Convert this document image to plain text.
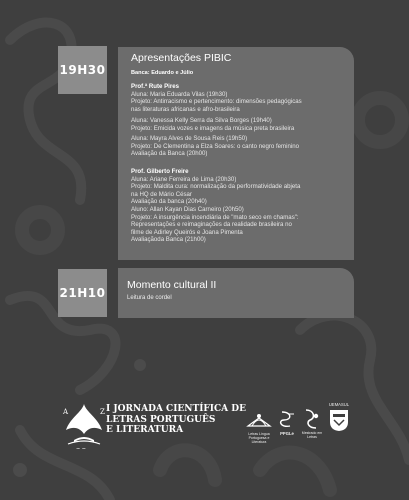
19H30
Apresentações PIBIC
Banca: Eduardo e Júlio
Prof.ª Rute Pires
Aluna: Maria Eduarda Vilas (19h30)
Projeto: Antirracismo e pertencimento: dimensões pedagógicas
nas literaturas africanas e afro-brasileira
Aluna: Vanessa Kelly Serra da Silva Borges (19h40)
Projeto: Emicida vozes e imagens da música preta brasileira
Aluna: Mayra Alves de Sousa Reis (19h50)
Projeto: De Clementina a Elza Soares: o canto negro feminino
Avaliação da Banca (20h00)
Prof. Gilberto Freire
Aluna: Ariane Ferreira de Lima (20h30)
Projeto: Maldita cura: normalização da performatividade abjeta
na HQ de Mário César
Avaliação da banca (20h40)
Aluno: Allan Kayan Dias Carneiro (20h50)
Projeto: A insurgência incendiária de "mato seco em chamas":
Representações e reimaginações da realidade brasileira no
filme de Adirley Queirós e Joana Pimenta
Avaliaçãoda Banca (21h00)
21H10
Momento cultural II
Leitura de cordel
A	Z
~ ~
I JORNADA CIENTÍFICA DE
LETRAS PORTUGUÊS
E LITERATURA	Letras Língua Portuguesa e Literatura
PPGLe	Mestrado em Letras
UEMASUL
